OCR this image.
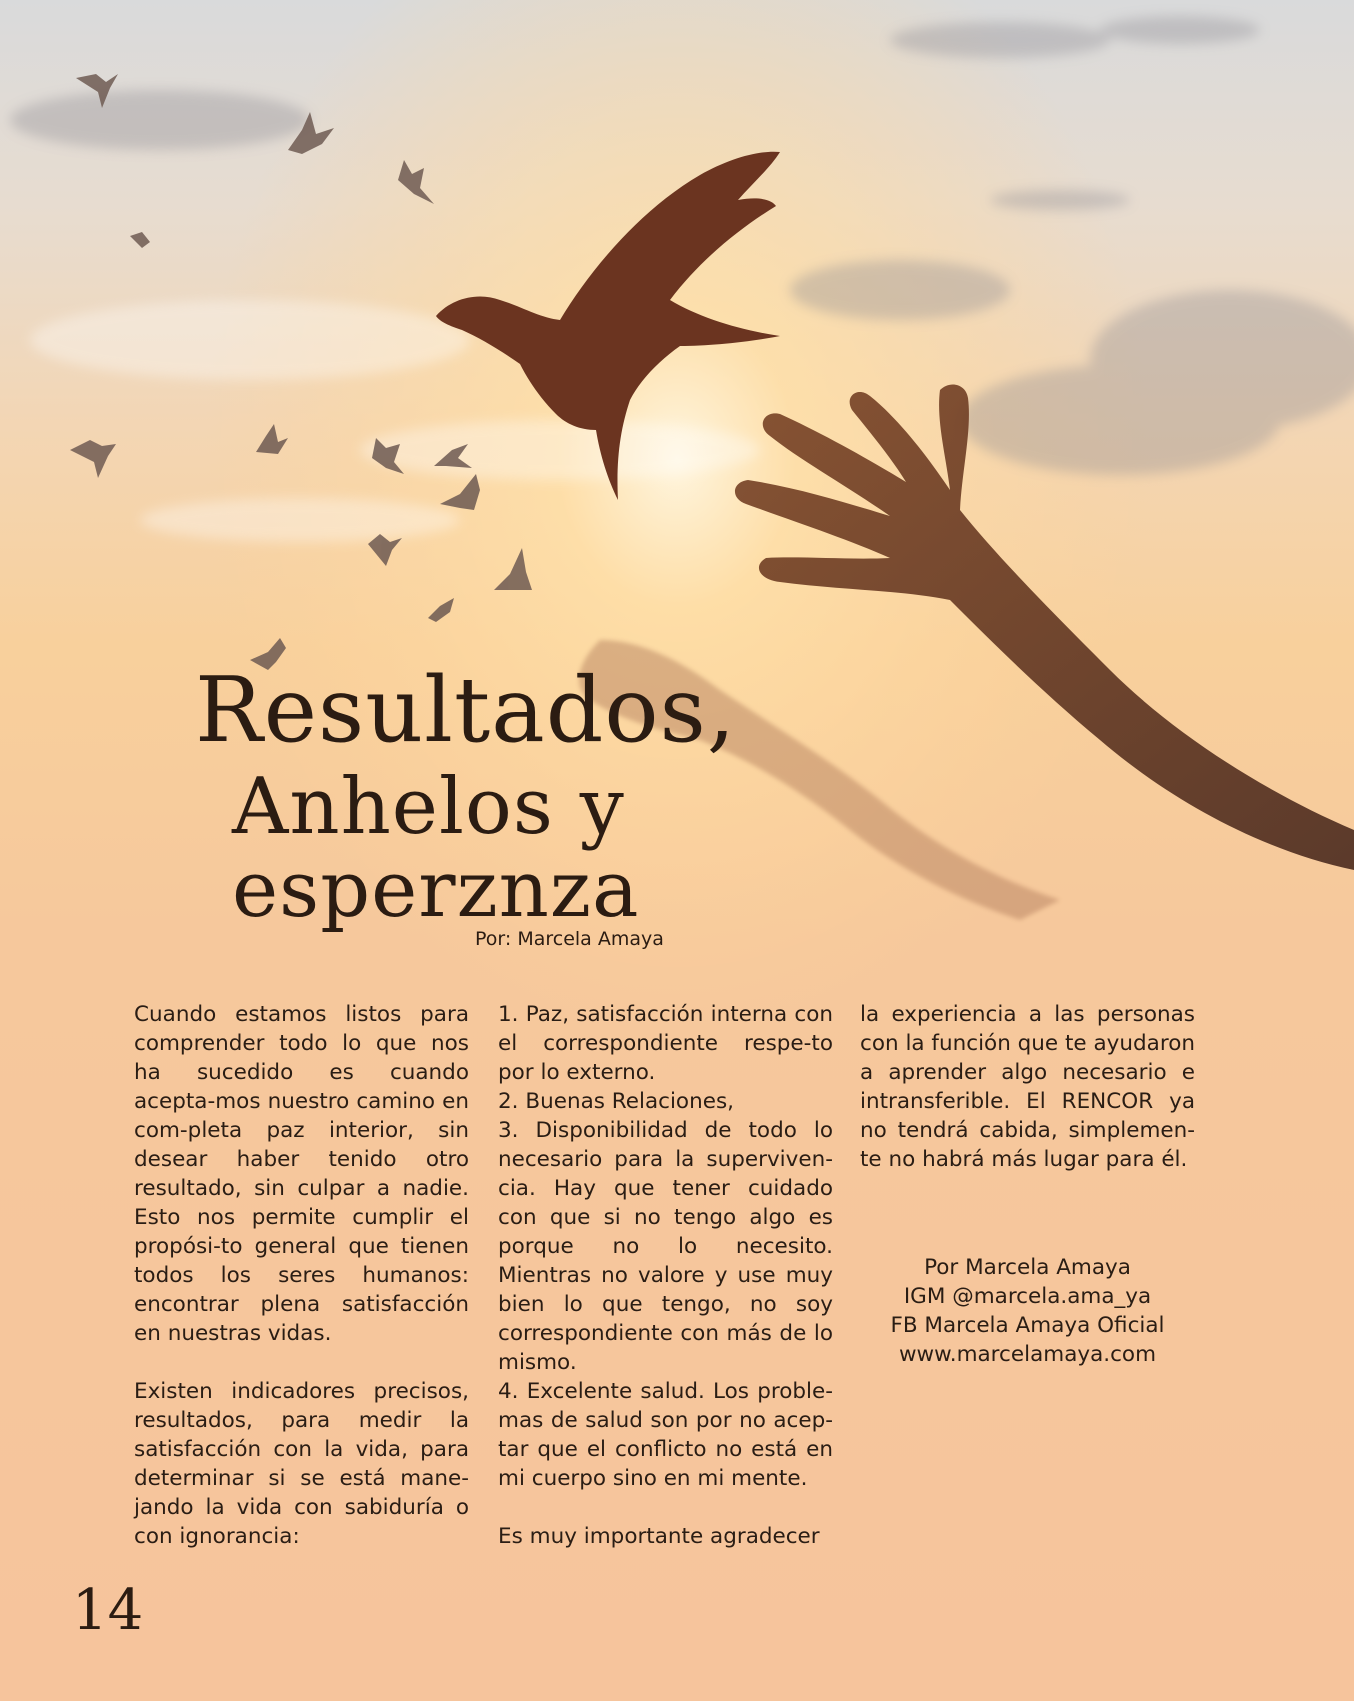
Resultados,
Anhelos y
esperznza
Por: Marcela Amaya

Cuando estamos listos para comprender todo lo que nos ha sucedido es cuando acepta-mos nuestro camino en com-pleta paz interior, sin desear haber tenido otro resultado, sin culpar a nadie. Esto nos permite cumplir el propósi-to general que tienen todos los seres humanos: encontrar plena satisfacción en nuestras vidas.

Existen indicadores precisos, resultados, para medir la satisfacción con la vida, para determinar si se está mane-jando la vida con sabiduría o con ignorancia:

1. Paz, satisfacción interna con el correspondiente respe-to por lo externo.

2. Buenas Relaciones,

3. Disponibilidad de todo lo necesario para la superviven-cia. Hay que tener cuidado con que si no tengo algo es porque no lo necesito. Mientras no valore y use muy bien lo que tengo, no soy correspondiente con más de lo mismo.

4. Excelente salud. Los proble-mas de salud son por no acep-tar que el conflicto no está en mi cuerpo sino en mi mente.

Es muy importante agradecer

la experiencia a las personas con la función que te ayudaron a aprender algo necesario e intransferible. El RENCOR ya no tendrá cabida, simplemen-te no habrá más lugar para él.

Por Marcela Amaya
IGM @marcela.ama_ya
FB Marcela Amaya Oficial
www.marcelamaya.com
14
